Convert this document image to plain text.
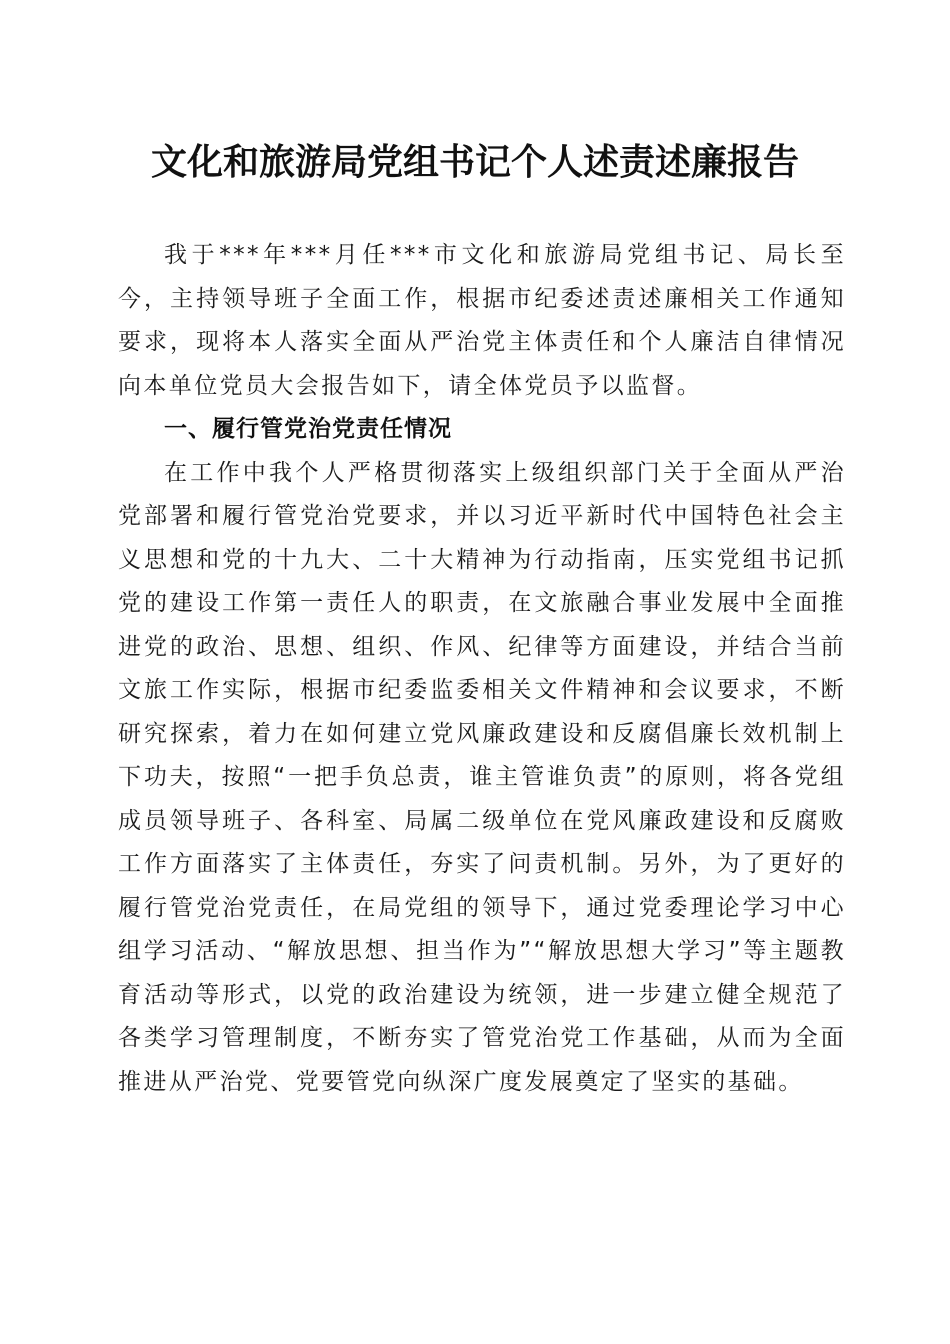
文化和旅游局党组书记个人述责述廉报告

我于***年***月任***市文化和旅游局党组书记、局长至今，主持领导班子全面工作，根据市纪委述责述廉相关工作通知要求，现将本人落实全面从严治党主体责任和个人廉洁自律情况向本单位党员大会报告如下，请全体党员予以监督。

一、履行管党治党责任情况

在工作中我个人严格贯彻落实上级组织部门关于全面从严治党部署和履行管党治党要求，并以习近平新时代中国特色社会主义思想和党的十九大、二十大精神为行动指南，压实党组书记抓党的建设工作第一责任人的职责，在文旅融合事业发展中全面推进党的政治、思想、组织、作风、纪律等方面建设，并结合当前文旅工作实际，根据市纪委监委相关文件精神和会议要求，不断研究探索，着力在如何建立党风廉政建设和反腐倡廉长效机制上下功夫，按照“一把手负总责，谁主管谁负责”的原则，将各党组成员领导班子、各科室、局属二级单位在党风廉政建设和反腐败工作方面落实了主体责任，夯实了问责机制。另外，为了更好的履行管党治党责任，在局党组的领导下，通过党委理论学习中心组学习活动、“解放思想、担当作为”“解放思想大学习”等主题教育活动等形式，以党的政治建设为统领，进一步建立健全规范了各类学习管理制度，不断夯实了管党治党工作基础，从而为全面推进从严治党、党要管党向纵深广度发展奠定了坚实的基础。
